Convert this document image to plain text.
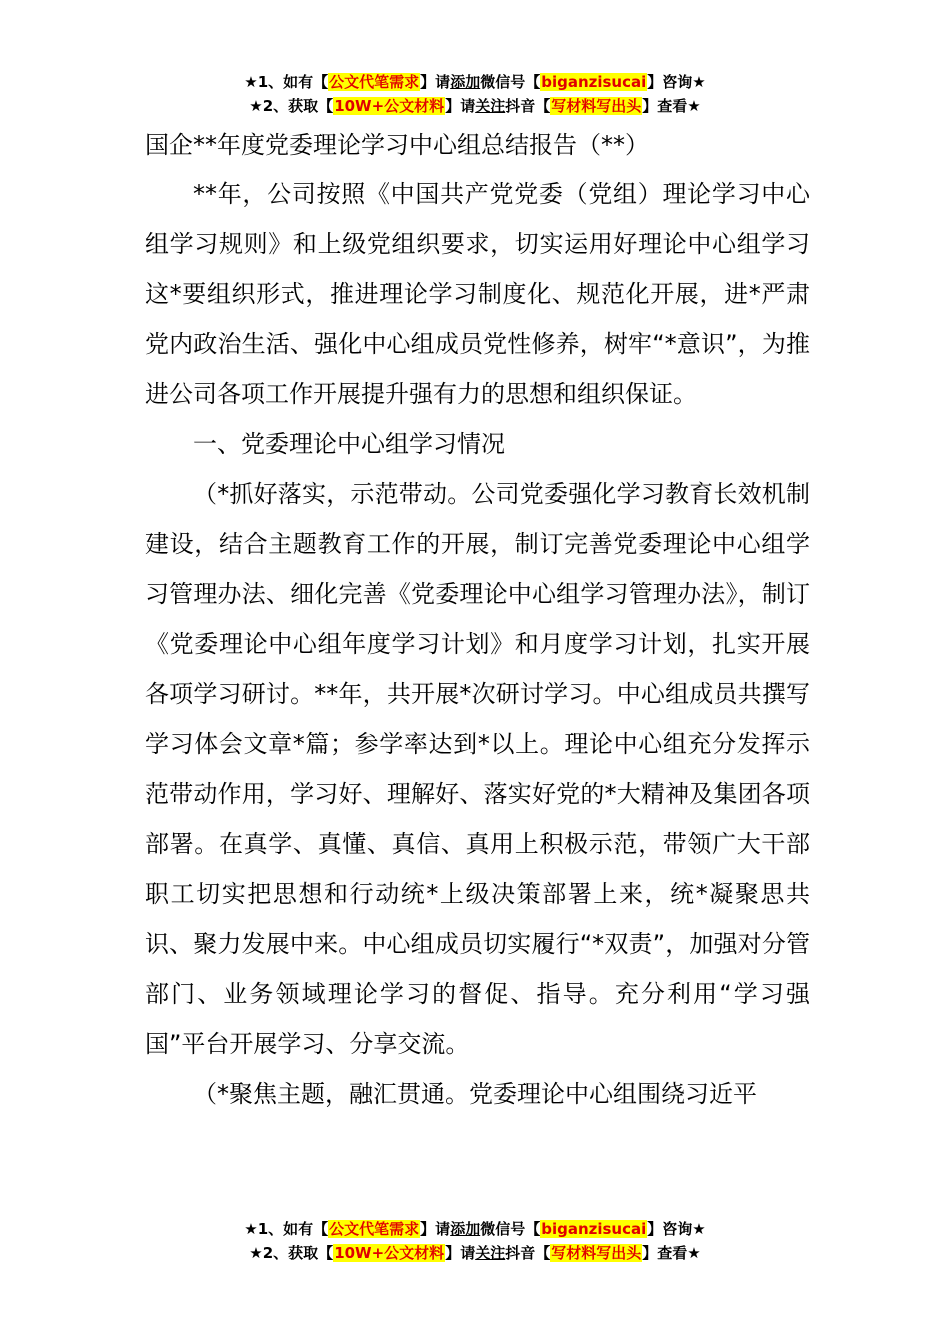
★1、如有【公文代笔需求】请添加微信号【biganzisucai】咨询★
★2、获取【10W+公文材料】请关注抖音【写材料写出头】查看★

国企**年度党委理论学习中心组总结报告（**）

**年，公司按照《中国共产党党委（党组）理论学习中心组学习规则》和上级党组织要求，切实运用好理论中心组学习这*要组织形式，推进理论学习制度化、规范化开展，进*严肃党内政治生活、强化中心组成员党性修养，树牢“*意识”，为推进公司各项工作开展提升强有力的思想和组织保证。

一、党委理论中心组学习情况

（*抓好落实，示范带动。公司党委强化学习教育长效机制建设，结合主题教育工作的开展，制订完善党委理论中心组学习管理办法、细化完善《党委理论中心组学习管理办法》，制订《党委理论中心组年度学习计划》和月度学习计划，扎实开展各项学习研讨。**年，共开展*次研讨学习。中心组成员共撰写学习体会文章*篇；参学率达到*以上。理论中心组充分发挥示范带动作用，学习好、理解好、落实好党的*大精神及集团各项部署。在真学、真懂、真信、真用上积极示范，带领广大干部职工切实把思想和行动统*上级决策部署上来，统*凝聚思共识、聚力发展中来。中心组成员切实履行“*双责”，加强对分管部门、业务领域理论学习的督促、指导。充分利用“学习强国”平台开展学习、分享交流。

（*聚焦主题，融汇贯通。党委理论中心组围绕习近平

★1、如有【公文代笔需求】请添加微信号【biganzisucai】咨询★
★2、获取【10W+公文材料】请关注抖音【写材料写出头】查看★
